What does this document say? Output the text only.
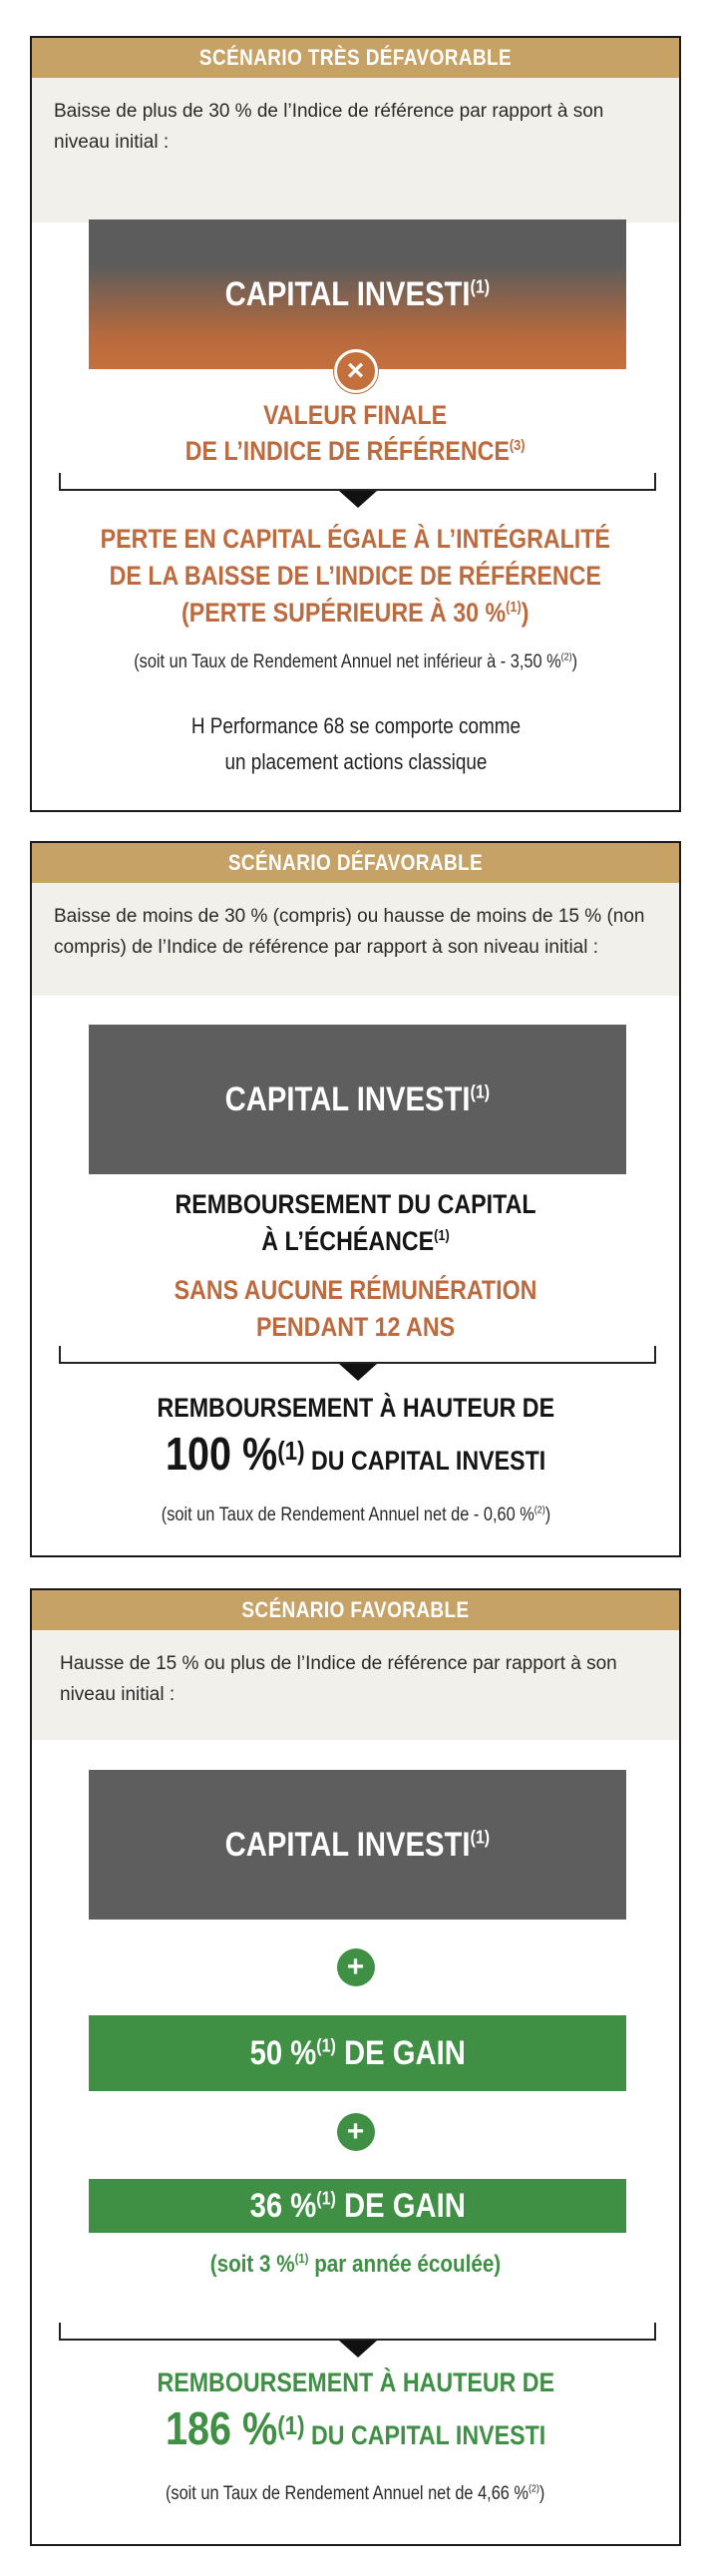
SCÉNARIO TRÈS DÉFAVORABLE
Baisse de plus de 30 % de l’Indice de référence par rapport à son niveau initial :
CAPITAL $INVESTI^{(1)}$
×
VALEUR FINALE
DE L’INDICE DE RÉFÉRENCE$^{(3)}$
PERTE EN CAPITAL ÉGALE À L’INTÉGRALITÉ
DE LA BAISSE DE L’INDICE DE RÉFÉRENCE
(PERTE SUPÉRIEURE À 30 %$^{(1)}$)
(soit un Taux de Rendement Annuel net inférieur à - 3,50 %$^{(2)}$)
H Performance 68 se comporte comme
un placement actions classique
SCÉNARIO DÉFAVORABLE
Baisse de moins de 30 % (compris) ou hausse de moins de 15 % (non compris) de l’Indice de référence par rapport à son niveau initial :
CAPITAL INVESTI$^{(1)}$
REMBOURSEMENT DU CAPITAL
À L’ÉCHÉANCE$^{(1)}$
SANS AUCUNE RÉMUNÉRATION
PENDANT 12 ANS
REMBOURSEMENT À HAUTEUR DE
100 %$^{(1)}$ DU CAPITAL INVESTI
(soit un Taux de Rendement Annuel net de - 0,60 %$^{(2)}$)
SCÉNARIO FAVORABLE
Hausse de 15 % ou plus de l’Indice de référence par rapport à son niveau initial :
CAPITAL $INVESTI^{(1)}$
+
50 %$^{(1)}$ DE GAIN
+
36 %$^{(1)}$ DE GAIN
(soit 3 %$^{(1)}$ par année écoulée)
REMBOURSEMENT À HAUTEUR DE
186 %$^{(1)}$ DU CAPITAL INVESTI
(soit un Taux de Rendement Annuel net de 4,66 %$^{(2)}$)
